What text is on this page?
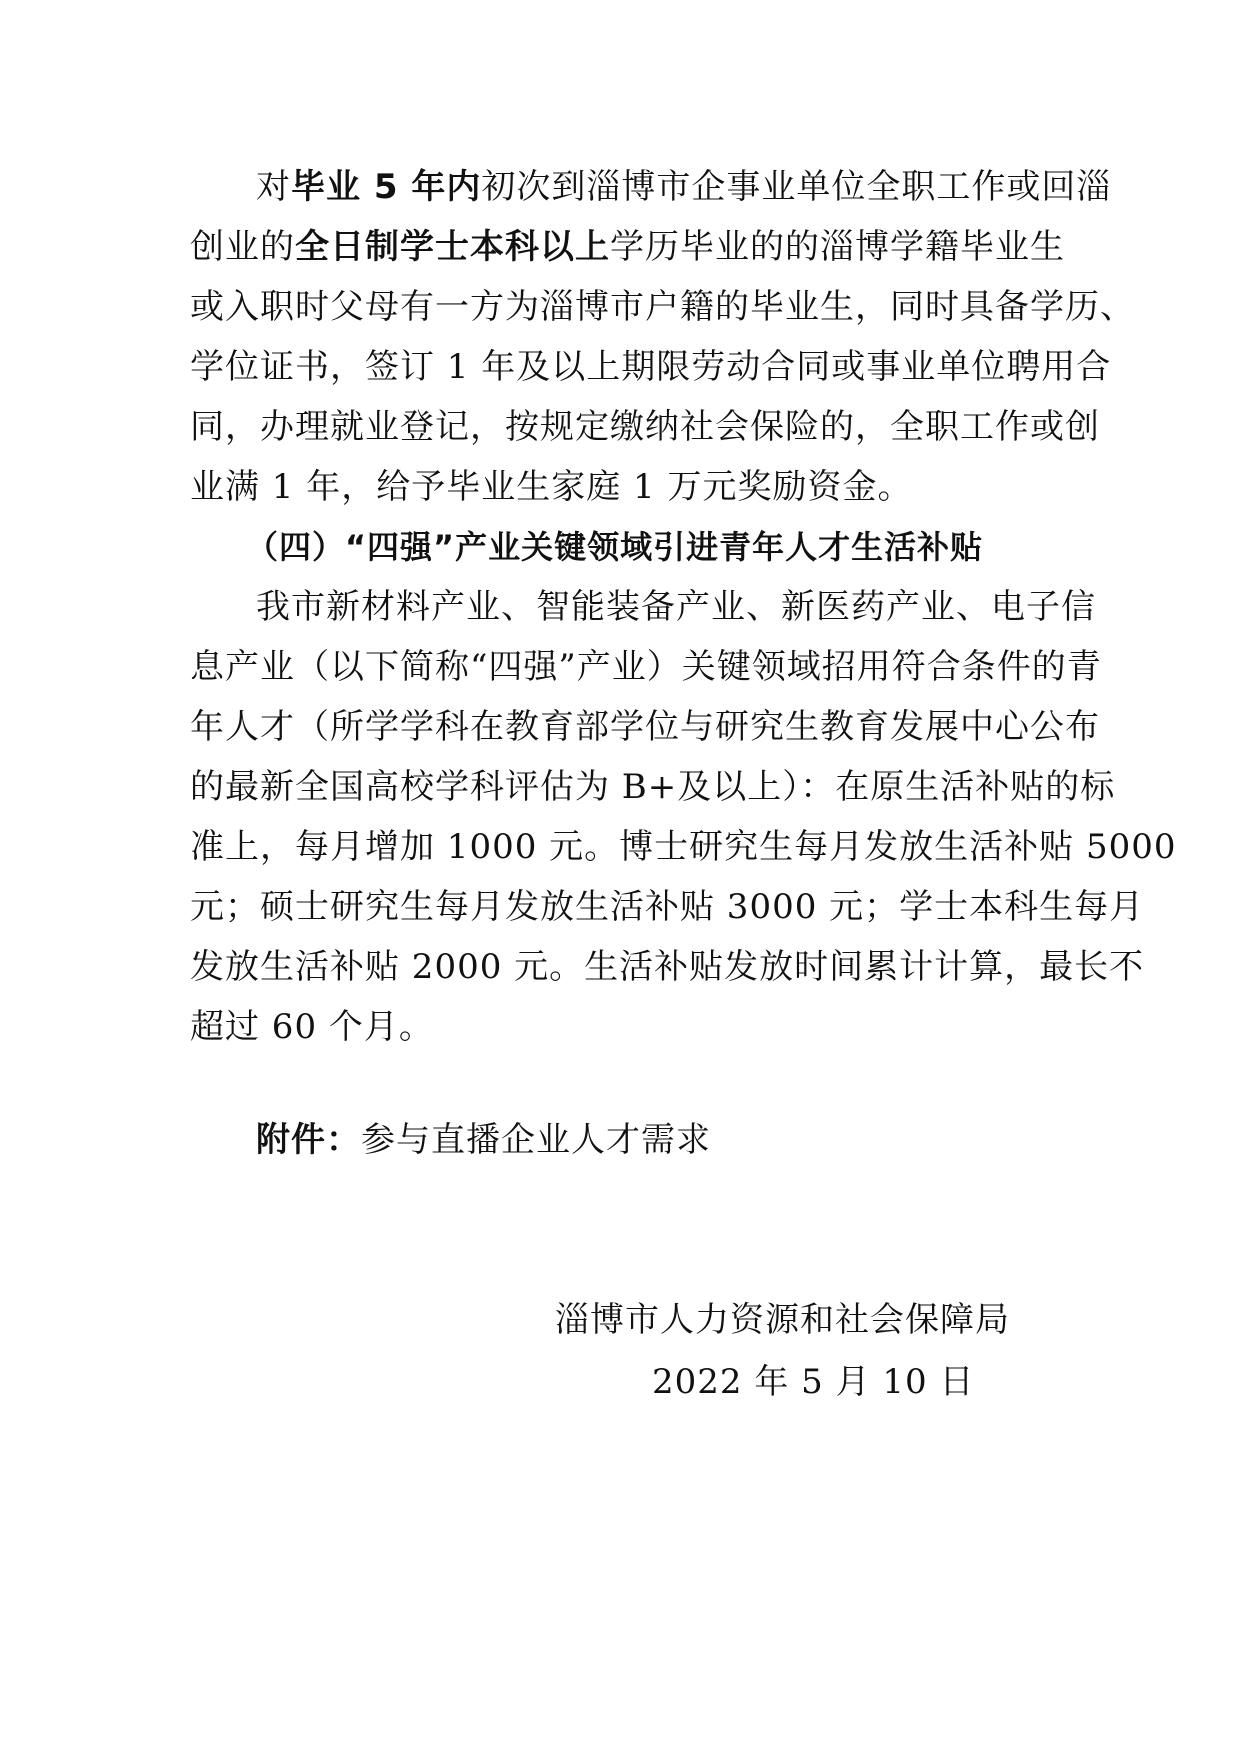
对毕业 5 年内初次到淄博市企事业单位全职工作或回淄
创业的全日制学士本科以上学历毕业的的淄博学籍毕业生
或入职时父母有一方为淄博市户籍的毕业生，同时具备学历、
学位证书，签订 1 年及以上期限劳动合同或事业单位聘用合
同，办理就业登记，按规定缴纳社会保险的，全职工作或创
业满 1 年，给予毕业生家庭 1 万元奖励资金。
（四）“四强”产业关键领域引进青年人才生活补贴
我市新材料产业、智能装备产业、新医药产业、电子信
息产业（以下简称“四强”产业）关键领域招用符合条件的青
年人才（所学学科在教育部学位与研究生教育发展中心公布
的最新全国高校学科评估为 B+及以上）：在原生活补贴的标
准上，每月增加 1000 元。博士研究生每月发放生活补贴 5000
元；硕士研究生每月发放生活补贴 3000 元；学士本科生每月
发放生活补贴 2000 元。生活补贴发放时间累计计算，最长不
超过 60 个月。
附件：参与直播企业人才需求
淄博市人力资源和社会保障局
2022 年 5 月 10 日
